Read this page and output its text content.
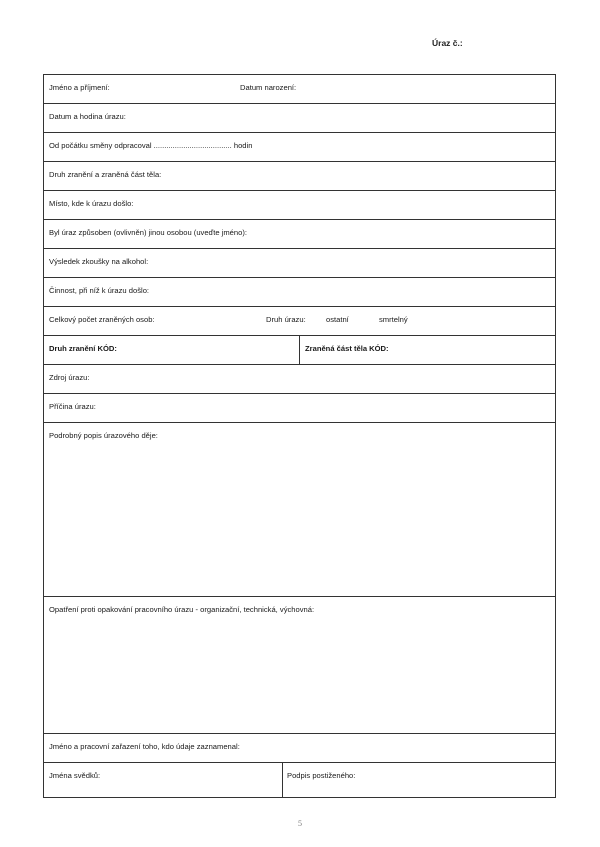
Úraz č.:
Jméno a příjmení:	Datum narození:
Datum a hodina úrazu:
Od počátku směny odpracoval ..................................... hodin
Druh zranění a zraněná část těla:
Místo, kde k úrazu došlo:
Byl úraz způsoben (ovlivněn) jinou osobou (uveďte jméno):
Výsledek zkoušky na alkohol:
Činnost, při níž k úrazu došlo:
Celkový počet zraněných osob:	Druh úrazu:	ostatní	smrtelný
Druh zranění KÓD:	Zraněná část těla KÓD:
Zdroj úrazu:
Příčina úrazu:
Podrobný popis úrazového děje:
Opatření proti opakování pracovního úrazu - organizační, technická, výchovná:
Jméno a pracovní zařazení toho, kdo údaje zaznamenal:
Jména svědků:	Podpis postiženého:
5
